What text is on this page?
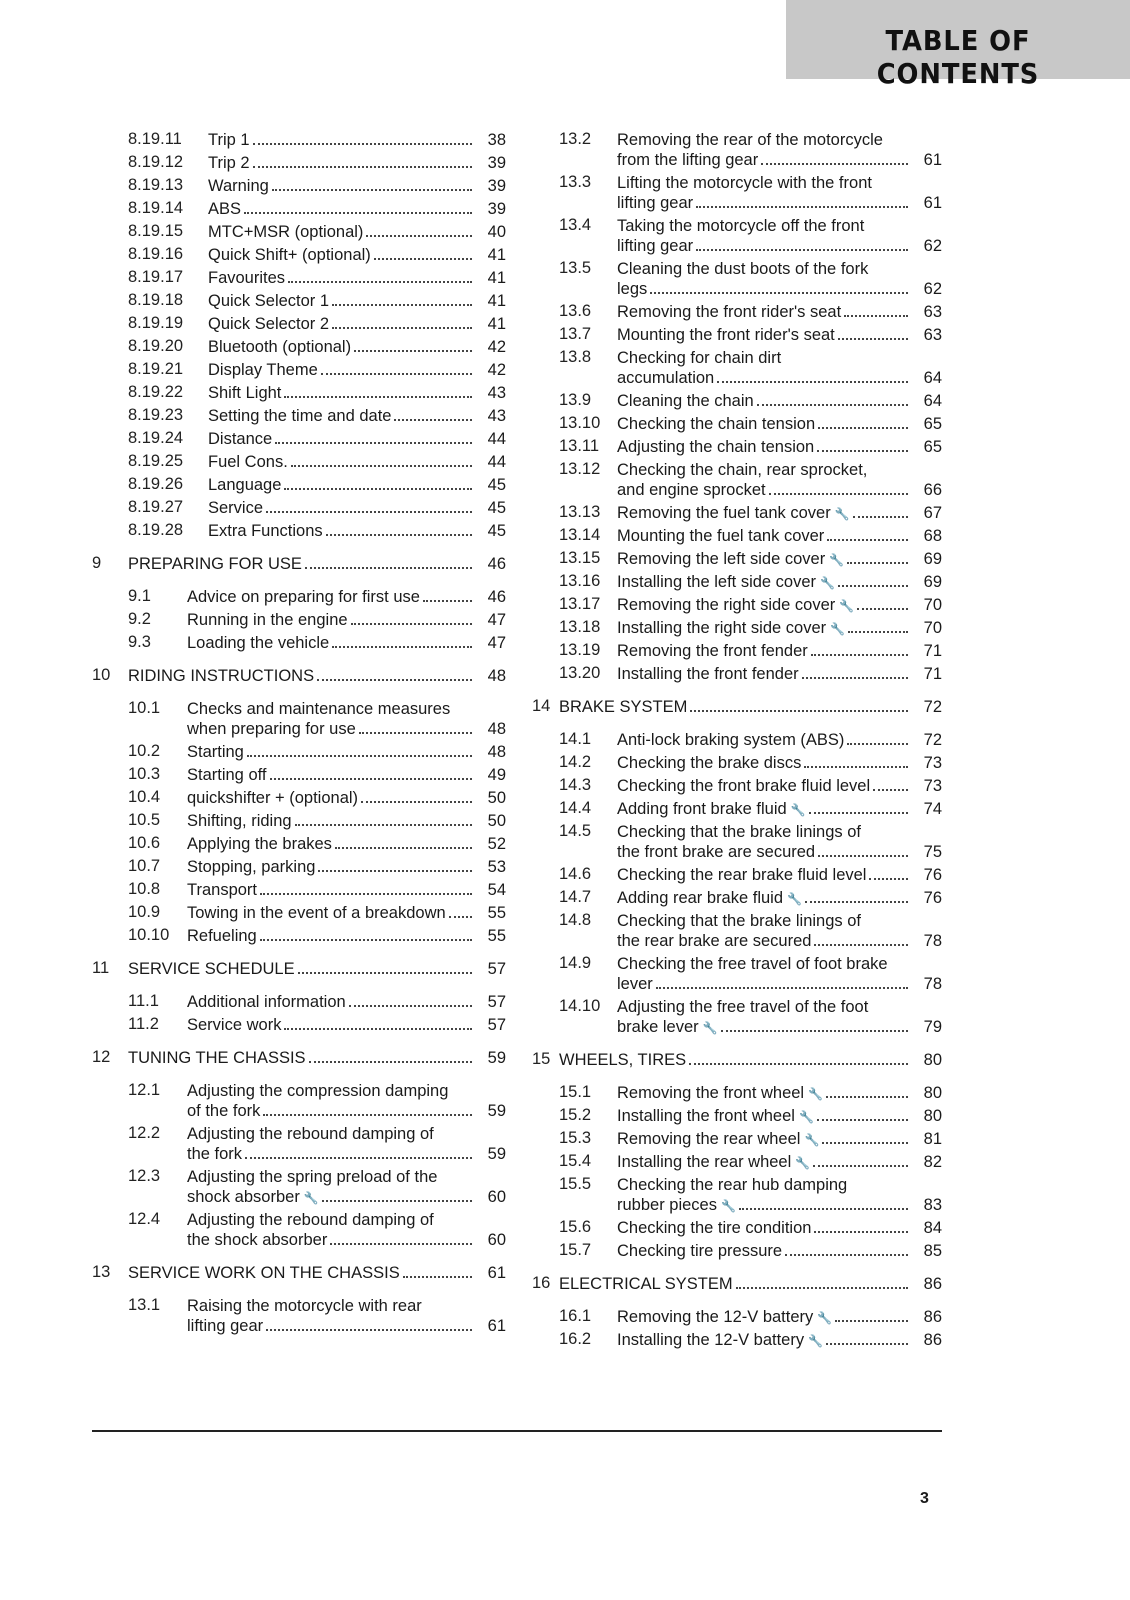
TABLE OF CONTENTS
8.19.11 Trip 1	38
8.19.12 Trip 2	39
8.19.13 Warning	39
8.19.14 ABS	39
8.19.15 MTC+MSR (optional)	40
8.19.16 Quick Shift+ (optional)	41
8.19.17 Favourites	41
8.19.18 Quick Selector 1	41
8.19.19 Quick Selector 2	41
8.19.20 Bluetooth (optional)	42
8.19.21 Display Theme	42
8.19.22 Shift Light	43
8.19.23 Setting the time and date	43
8.19.24 Distance	44
8.19.25 Fuel Cons.	44
8.19.26 Language	45
8.19.27 Service	45
8.19.28 Extra Functions	45
9 PREPARING FOR USE	46
9.1 Advice on preparing for first use	46
9.2 Running in the engine	47
9.3 Loading the vehicle	47
10 RIDING INSTRUCTIONS	48
10.1 Checks and maintenance measures
when preparing for use	48
10.2 Starting	48
10.3 Starting off	49
10.4 quickshifter + (optional)	50
10.5 Shifting, riding	50
10.6 Applying the brakes	52
10.7 Stopping, parking	53
10.8 Transport	54
10.9 Towing in the event of a breakdown	55
10.10 Refueling	55
11 SERVICE SCHEDULE	57
11.1 Additional information	57
11.2 Service work	57
12 TUNING THE CHASSIS	59
12.1 Adjusting the compression damping
of the fork	59
12.2 Adjusting the rebound damping of
the fork	59
12.3 Adjusting the spring preload of the
shock absorber 🔧	60
12.4 Adjusting the rebound damping of
the shock absorber	60
13 SERVICE WORK ON THE CHASSIS	61
13.1 Raising the motorcycle with rear
lifting gear	61
13.2 Removing the rear of the motorcycle
from the lifting gear	61
13.3 Lifting the motorcycle with the front
lifting gear	61
13.4 Taking the motorcycle off the front
lifting gear	62
13.5 Cleaning the dust boots of the fork
legs	62
13.6 Removing the front rider's seat	63
13.7 Mounting the front rider's seat	63
13.8 Checking for chain dirt
accumulation	64
13.9 Cleaning the chain	64
13.10 Checking the chain tension	65
13.11 Adjusting the chain tension	65
13.12 Checking the chain, rear sprocket,
and engine sprocket	66
13.13 Removing the fuel tank cover 🔧	67
13.14 Mounting the fuel tank cover	68
13.15 Removing the left side cover 🔧	69
13.16 Installing the left side cover 🔧	69
13.17 Removing the right side cover 🔧	70
13.18 Installing the right side cover 🔧	70
13.19 Removing the front fender	71
13.20 Installing the front fender	71
14 BRAKE SYSTEM	72
14.1 Anti-lock braking system (ABS)	72
14.2 Checking the brake discs	73
14.3 Checking the front brake fluid level	73
14.4 Adding front brake fluid 🔧	74
14.5 Checking that the brake linings of
the front brake are secured	75
14.6 Checking the rear brake fluid level	76
14.7 Adding rear brake fluid 🔧	76
14.8 Checking that the brake linings of
the rear brake are secured	78
14.9 Checking the free travel of foot brake
lever	78
14.10 Adjusting the free travel of the foot
brake lever 🔧	79
15 WHEELS, TIRES	80
15.1 Removing the front wheel 🔧	80
15.2 Installing the front wheel 🔧	80
15.3 Removing the rear wheel 🔧	81
15.4 Installing the rear wheel 🔧	82
15.5 Checking the rear hub damping
rubber pieces 🔧	83
15.6 Checking the tire condition	84
15.7 Checking tire pressure	85
16 ELECTRICAL SYSTEM	86
16.1 Removing the 12-V battery 🔧	86
16.2 Installing the 12-V battery 🔧	86
3
